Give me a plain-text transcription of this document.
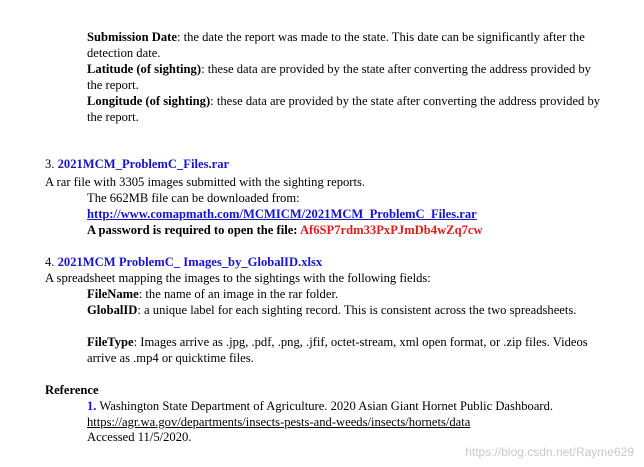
Submission Date: the date the report was made to the state. This date can be significantly after the detection date.
Latitude (of sighting): these data are provided by the state after converting the address provided by the report.
Longitude (of sighting): these data are provided by the state after converting the address provided by the report.
3. 2021MCM_ProblemC_Files.rar
A rar file with 3305 images submitted with the sighting reports.
The 662MB file can be downloaded from:
http://www.comapmath.com/MCMICM/2021MCM_ProblemC_Files.rar
A password is required to open the file: Af6SP7rdm33PxPJmDb4wZq7cw
4. 2021MCM ProblemC_ Images_by_GlobalID.xlsx
A spreadsheet mapping the images to the sightings with the following fields:
FileName: the name of an image in the rar folder.
GlobalID: a unique label for each sighting record. This is consistent across the two spreadsheets.
FileType: Images arrive as .jpg, .pdf, .png, .jfif, octet-stream, xml open format, or .zip files. Videos arrive as .mp4 or quicktime files.
Reference
1. Washington State Department of Agriculture. 2020 Asian Giant Hornet Public Dashboard. https://agr.wa.gov/departments/insects-pests-and-weeds/insects/hornets/data
Accessed 11/5/2020.
https://blog.csdn.net/Rayme629
